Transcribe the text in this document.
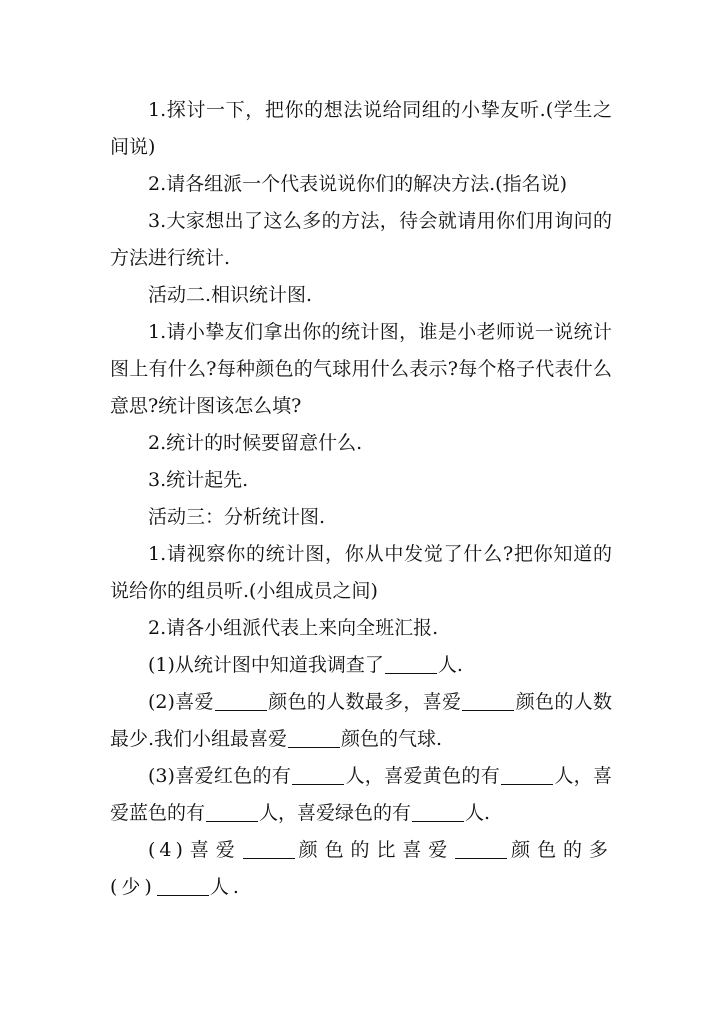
1.探讨一下，把你的想法说给同组的小挚友听.(学生之间说)

2.请各组派一个代表说说你们的解决方法.(指名说)

3.大家想出了这么多的方法，待会就请用你们用询问的方法进行统计.

活动二.相识统计图.

1.请小挚友们拿出你的统计图，谁是小老师说一说统计图上有什么?每种颜色的气球用什么表示?每个格子代表什么意思?统计图该怎么填?

2.统计的时候要留意什么.

3.统计起先.

活动三：分析统计图.

1.请视察你的统计图，你从中发觉了什么?把你知道的说给你的组员听.(小组成员之间)

2.请各小组派代表上来向全班汇报.

(1)从统计图中知道我调查了	人.

(2)喜爱	颜色的人数最多，喜爱	颜色的人数最少.我们小组最喜爱	颜色的气球.

(3)喜爱红色的有	人，喜爱黄色的有	人，喜爱蓝色的有	人，喜爱绿色的有	人.

(4)喜爱	颜色的比喜爱	颜色的多(少)	人.
